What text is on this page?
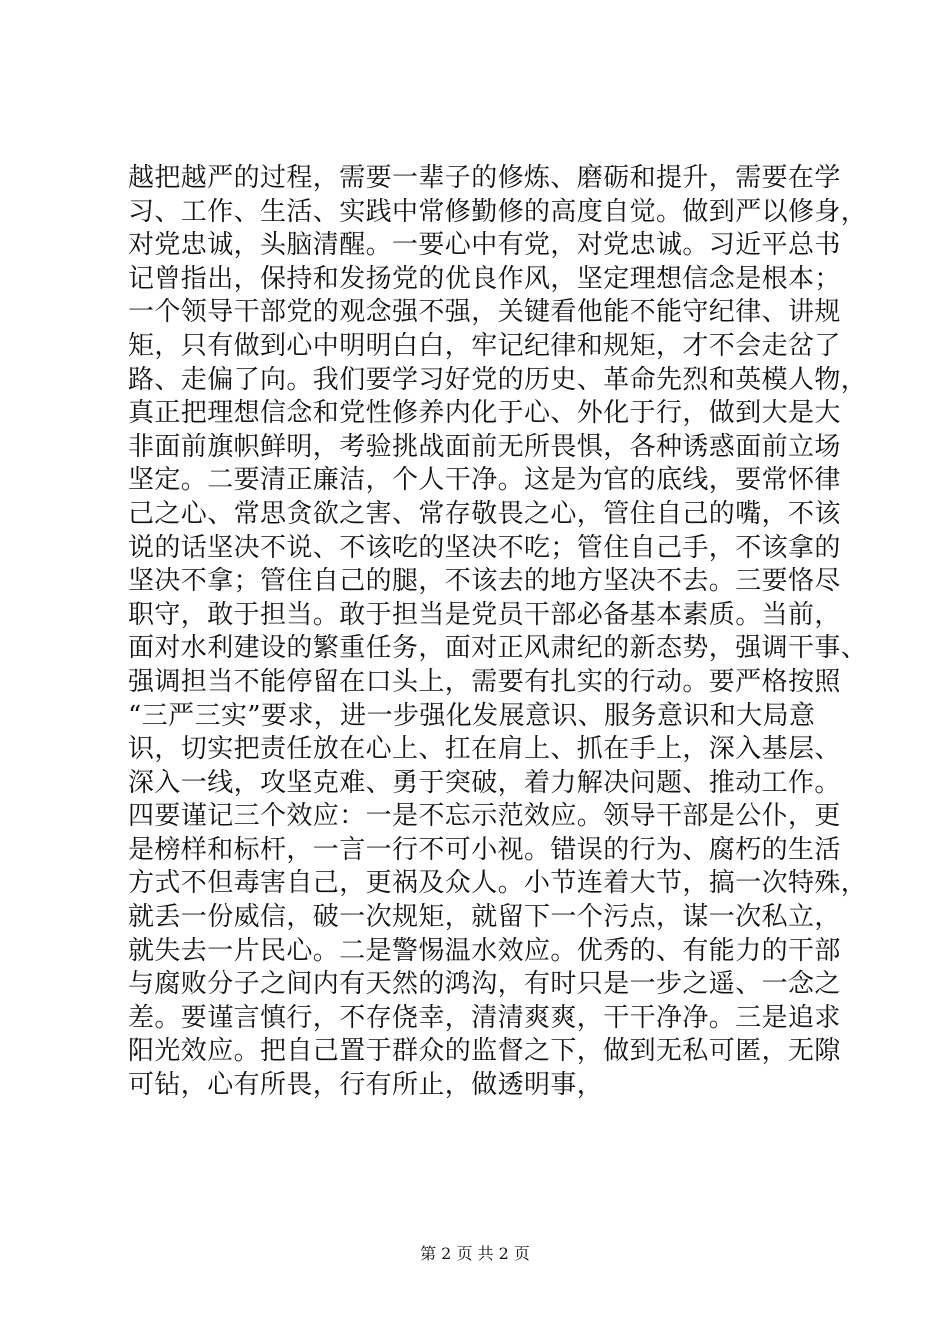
越把越严的过程，需要一辈子的修炼、磨砺和提升，需要在学
习、工作、生活、实践中常修勤修的高度自觉。做到严以修身，
对党忠诚，头脑清醒。一要心中有党，对党忠诚。习近平总书
记曾指出，保持和发扬党的优良作风，坚定理想信念是根本；
一个领导干部党的观念强不强，关键看他能不能守纪律、讲规
矩，只有做到心中明明白白，牢记纪律和规矩，才不会走岔了
路、走偏了向。我们要学习好党的历史、革命先烈和英模人物，
真正把理想信念和党性修养内化于心、外化于行，做到大是大
非面前旗帜鲜明，考验挑战面前无所畏惧，各种诱惑面前立场
坚定。二要清正廉洁，个人干净。这是为官的底线，要常怀律
己之心、常思贪欲之害、常存敬畏之心，管住自己的嘴，不该
说的话坚决不说、不该吃的坚决不吃；管住自己手，不该拿的
坚决不拿；管住自己的腿，不该去的地方坚决不去。三要恪尽
职守，敢于担当。敢于担当是党员干部必备基本素质。当前，
面对水利建设的繁重任务，面对正风肃纪的新态势，强调干事、
强调担当不能停留在口头上，需要有扎实的行动。要严格按照
“三严三实”要求，进一步强化发展意识、服务意识和大局意
识，切实把责任放在心上、扛在肩上、抓在手上，深入基层、
深入一线，攻坚克难、勇于突破，着力解决问题、推动工作。
四要谨记三个效应：一是不忘示范效应。领导干部是公仆，更
是榜样和标杆，一言一行不可小视。错误的行为、腐朽的生活
方式不但毒害自己，更祸及众人。小节连着大节，搞一次特殊，
就丢一份威信，破一次规矩，就留下一个污点，谋一次私立，
就失去一片民心。二是警惕温水效应。优秀的、有能力的干部
与腐败分子之间内有天然的鸿沟，有时只是一步之遥、一念之
差。要谨言慎行，不存侥幸，清清爽爽，干干净净。三是追求
阳光效应。把自己置于群众的监督之下，做到无私可匿，无隙
可钻，心有所畏，行有所止，做透明事，
第 2 页 共 2 页
